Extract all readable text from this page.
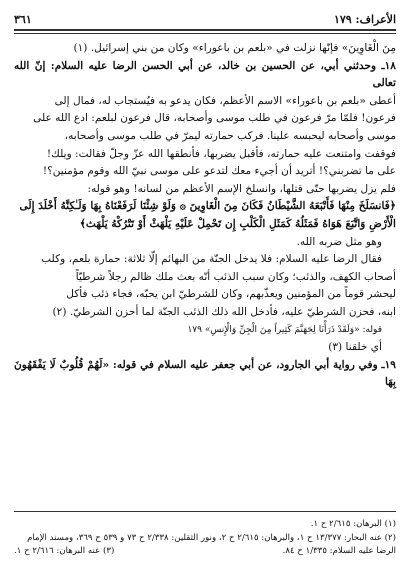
الأعراف: ١٧٩
٣٦١

مِنَ الْغَاوِينَ» فإنّها نزلت في «بلعم بن باعوراء» وكان من بني إسرائيل. (١)

١٨ـ وحدثني أبي، عن الحسين بن خالد، عن أبي الحسن الرضا عليه السلام: إنّ الله تعالى

أعطى «بلعم بن باعوراء» الاسم الأعظم، فكان يدعو به فيُستجاب له، فمال إلى

فرعون! فلمّا مرّ فرعون في طلب موسى وأصحابه، قال فرعون لبلعم: ادع الله على

موسى وأصحابه ليحبسه علينا. فركب حمارته ليمرّ في طلب موسى وأصحابه،

فوقفت وامتنعت عليه حمارته، فأقبل يضربها، فأنطقها الله عزّ وجلّ فقالت: ويلك!

على ما تضربني؟! أتريد أن أجيء معك لتدعو على موسى نبيّ الله وقوم مؤمنين؟!

فلم يزل يضربها حتّى قتلها، وانسلخ الإسم الأعظم من لسانه! وهو قوله:

﴿فَانسَلَخَ مِنْهَا فَأَتْبَعَهُ الشَّيْطَانُ فَكَانَ مِنَ الْغَاوِينَ ۞ وَلَوْ شِئْنَا لَرَفَعْنَاهُ بِهَا وَلَـٰكِنَّهُ أَخْلَدَ إِلَى

الْأَرْضِ وَاتَّبَعَ هَوَاهُ فَمَثَلُهُ كَمَثَلِ الْكَلْبِ إِن تَحْمِلْ عَلَيْهِ يَلْهَثْ أَوْ تَتْرُكْهُ يَلْهَث﴾

وهو مثل ضربه الله.

فقال الرضا عليه السلام: فلا يدخل الجنّة من البهائم إلّا ثلاثة: حمارة بلعم، وكلب

أصحاب الكهف، والذئب؛ وكان سبب الذئب أنّه بعث ملك ظالم رجلاً شرطيّاً

ليحشر قوماً من المؤمنين ويعذّبهم، وكان للشرطيّ ابن يحبّه، فجاء ذئب فأكل

ابنه، فحزن الشرطيّ عليه، فأدخل الله ذلك الذئب الجنّة لما أحزن الشرطيّ. (٢)

قوله: «وَلَقَدْ ذَرَأْنَا لِجَهَنَّمَ كَثِيراً مِنَ الْجِنِّ وَالْإِنسِ» ١٧٩

أي خلقنا (٣)

١٩ـ وفي رواية أبي الجارود، عن أبي جعفر عليه السلام في قوله: «لَهُمْ قُلُوبٌ لَا يَفْقَهُونَ بِهَا

(١) البرهان: ٢/٦١٥ ح ١.

(٢) عنه البحار: ١٣/٣٧٧ ح ١، والبرهان: ٢/٦١٥ ح ٢، ونور الثقلين: ٢/٣٣٨ ح ٧٣ و ٥٣٩ ح ٣٦٩، ومسند الإمام

الرضا عليه السلام: ١/٣٣٥ ح ٨٤.
(٣) عنه البرهان: ٢/٦١٦ ح ١.
